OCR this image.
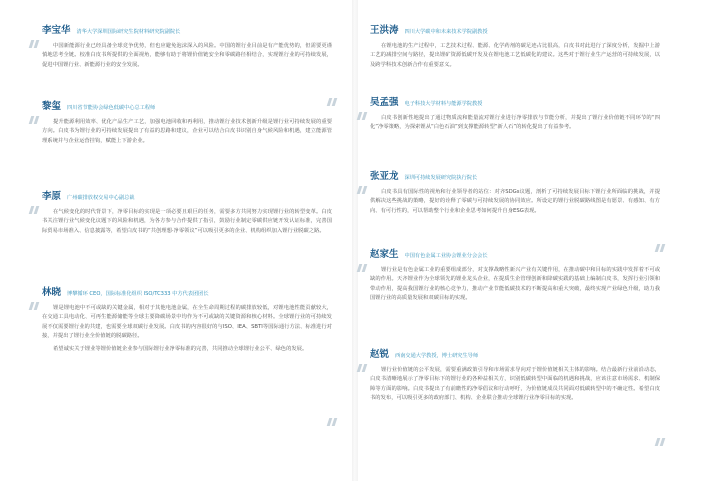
李宝华 清华大学深圳国际研究生院材料研究院副院长

中国新能源行业已经具备全球竞争优势，但也应避免泡沫深入的风险。中国的锂行业目前是有产能优势的，但需要更谨慎地思考全链。校准白皮书所提供的全面视角，能够有助于将锂价值链安全和零碳路径相结合，实现锂行业的可持续发展，促进中国锂行业、新能源行业的安全发展。

黎玺 四川省节能协会绿色低碳中心总工程师

提升能源利用效率、优化产品生产工艺，加强电池回收和再利用，推动锂行业技术创新升级是锂行业可持续发展的重要方向。白皮书为锂行业的可持续发展提出了有益的思路和建议，企业可以结合白皮书识别自身气候风险和机遇，建立能源管理系统并与企业运营挂钩，赋能上下游企业。

李原 广州碳排放权交易中心副总裁

在气候变化的时代背景下，净零目标的实现是一项必要且艰巨的任务，需要多方共同努力实现锂行业的转型变革。白皮书关注锂行业气候变化议题下的风险和机遇，为各方参与合作提供了指引，鼓励行业制定零碳供应链开发认证标准，完善国际贸易市场准入、信息披露等，希望白皮书的“共创理想·净零领议”可以吸引更多的企业、机构组织加入锂行业脱碳之路。

林晓 博攀循环 CEO，国际标准化组织 ISO/TC333 中方代表团团长

锂是锂电池中不可或缺的关键金属，相对于其他电池金属，在全生命周期过程的碳排放较低，对锂电池性能贡献较大，在交通工具电动化、可再生能源储能等全球主要降碳场景中均作为不可或缺的关键资源和核心材料。全球锂行业的可持续发展不仅需要锂行业的共建，也需要全球双碳行业发展。白皮书的内容很好的与ISO、IEA、SBTI等国际通行方法、标准进行对接，并提出了锂行业全价值链的脱碳路径。

希望诚实关于锂业等锂价值链企业参与国际锂行业净零标准的完善，共同推动全球锂行业公平、绿色的发展。

王洪涛 四川大学碳中和未来技术学院副教授

在锂电池的生产过程中，工艺技术过程、能源、化学药剂的碳足迹占比很高，白皮书对此进行了深度分析，发掘中上游工艺的减排空间与路径，提出锂矿资源低碳开发及在锂电池工艺低碳化的建议。这些对于锂行业生产运营的可持续发展，以及跨学科技术创新合作有重要意义。

吴孟强 电子科技大学材料与能源学院教授

白皮书创新性地提出了通过物质流和能量流对锂行业进行净零排放与节能分析，并提出了锂行业价值链不同环节的“四化”净零策略，为探索锂从“白色石油”到支撑能源转型“新人石”的转化提出了有益参考。

张亚龙 深圳可持续发展研究院执行院长

白皮书具有国际性的视角和行业领导者的站位：对齐SDGs议题，剖析了可持续发展目标下锂行业所面临的挑战，并提供解决这些挑战的策略，提好的诠释了零碳与可持续发展的协同效应。所设定的锂行业脱碳路线图是有愿景、有感知、有方向、有可行性的，可以帮助整个行业和企业思考如何提升自身ESG表现。

赵家生 中国有色金属工业协会锂业分会会长

锂行业是有色金属工业的重要组成部分，对支撑战略性新兴产业有关键作用，在推动碳中和目标的实践中发挥着不可或缺的作用。天齐锂业作为全球领先的锂业龙头企业，在提质生企管理创新和降碳实践的基础上编制白皮书，发挥行业引领和带动作用，提高我国锂行业的核心竞争力，推动产业节能低碳技术的不断提高和重大突破，最终实现产业绿色升级，助力我国锂行业的高质量发展和双碳目标的实现。

赵锐 西南交通大学教授，博士研究生导师

锂行业价值链的公平发展，需要重满政策引导和市场需求导向对于锂价值链相关主体的影响。结合最新行业前沿动态，白皮书清晰地展示了净零目标下的锂行业的各种益相关方，识别低碳转型中面临的机遇和挑战，应该注意市场需求、机制保障等方面的影响。白皮书提出了有前瞻性的净零倡议和行动呼吁，为价值链成员共同面对低碳转型中的不确定性。希望白皮书的发布，可以吸引更多的政府部门、机构、企业联合推动全球锂行业净零目标的实现。
